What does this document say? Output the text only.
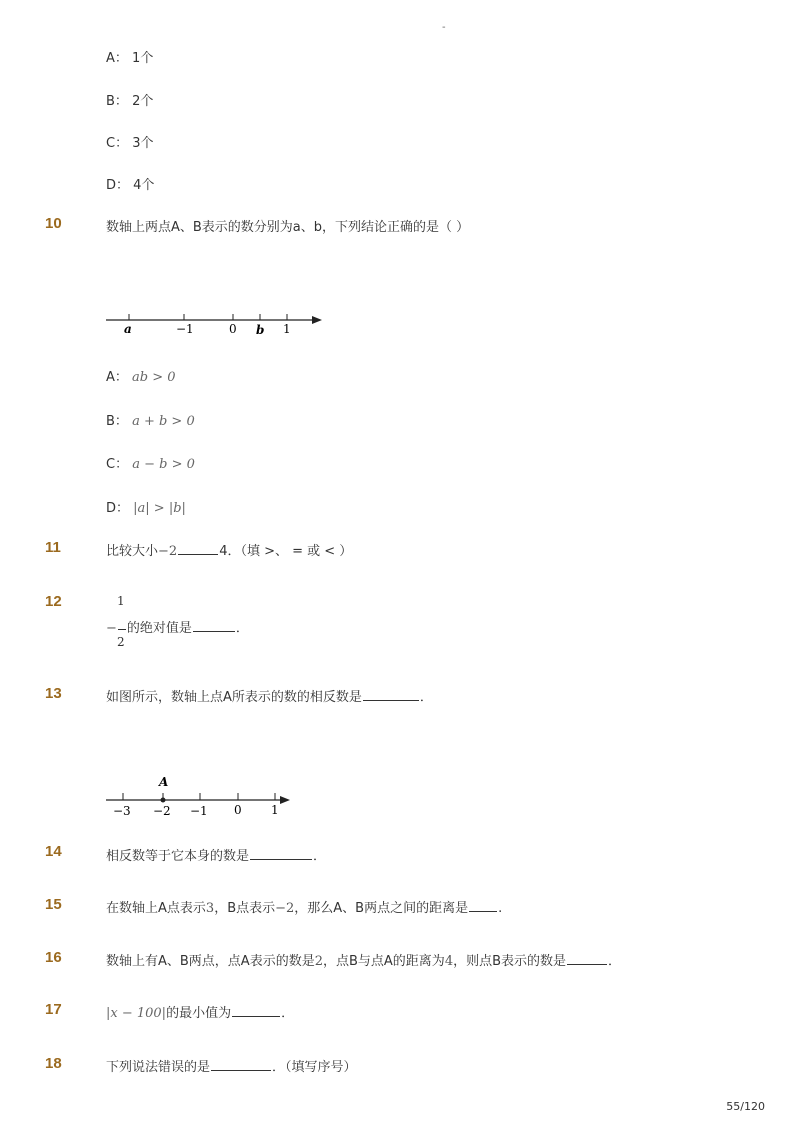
-
A： 1个
B： 2个
C： 3个
D： 4个
10	数轴上两点A、B表示的数分别为a、b，下列结论正确的是（ ）
a	−1	0 b 1
A： ab > 0
B： a + b > 0
C： a − b > 0
D： |a| > |b|
11	比较大小−2	4．（填 >、 = 或 < ）
12	1
− 的绝对值是	．
2
13	如图所示，数轴上点A所表示的数的相反数是	．
A
−3 −2 −1 0 1
14	相反数等于它本身的数是	．
15	在数轴上A点表示3，B点表示−2，那么A、B两点之间的距离是 .
16	数轴上有A、B两点，点A表示的数是2，点B与点A的距离为4，则点B表示的数是	．
17	|x − 100|的最小值为	．
18	下列说法错误的是	．（填写序号）
55/120
